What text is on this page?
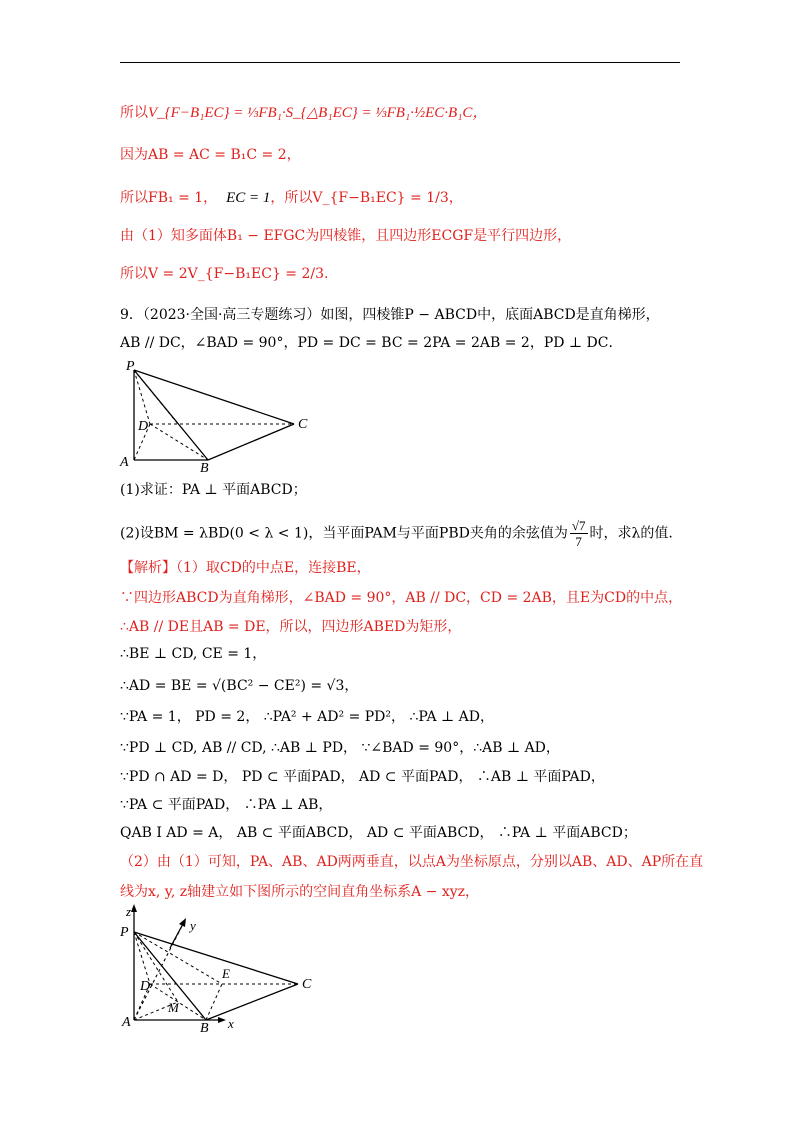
所以V_{F−B₁EC} = ⅓FB₁·S_{△B₁EC} = ⅓FB₁·½EC·B₁C，
因为AB = AC = B₁C = 2，
所以FB₁ = 1， EC = 1，所以V_{F−B₁EC} = 1/3，
由（1）知多面体B₁ − EFGC为四棱锥，且四边形ECGF是平行四边形，
所以V = 2V_{F−B₁EC} = 2/3.
9．（2023·全国·高三专题练习）如图，四棱锥P − ABCD中，底面ABCD是直角梯形，
AB // DC，∠BAD = 90°，PD = DC = BC = 2PA = 2AB = 2，PD ⊥ DC．
P
D
A	B
C
(1)求证：PA ⊥ 平面ABCD；
(2)设BM = λBD(0 < λ < 1)，当平面PAM与平面PBD夹角的余弦值为 $\frac{√7}{7}$ 时，求λ的值.
【解析】（1）取CD的中点E，连接BE，
∵四边形ABCD为直角梯形，∠BAD = 90°，AB // DC，CD = 2AB，且E为CD的中点，
∴AB // DE且AB = DE，所以，四边形ABED为矩形，
∴BE ⊥ CD, CE = 1，
∴AD = BE = √(BC² − CE²) = √3，
∵PA = 1， PD = 2， ∴PA² + AD² = PD²， ∴PA ⊥ AD，
∵PD ⊥ CD, AB // CD, ∴AB ⊥ PD， ∵∠BAD = 90°，∴AB ⊥ AD，
∵PD ∩ AD = D， PD ⊂ 平面PAD， AD ⊂ 平面PAD， ∴AB ⊥ 平面PAD，
∵PA ⊂ 平面PAD， ∴PA ⊥ AB，
QAB I AD = A， AB ⊂ 平面ABCD， AD ⊂ 平面ABCD， ∴PA ⊥ 平面ABCD；
（2）由（1）可知，PA、AB、AD两两垂直，以点A为坐标原点，分别以AB、AD、AP所在直
线为x, y, z轴建立如下图所示的空间直角坐标系A − xyz，
z
y
P
D
E
M
A	B x
C
